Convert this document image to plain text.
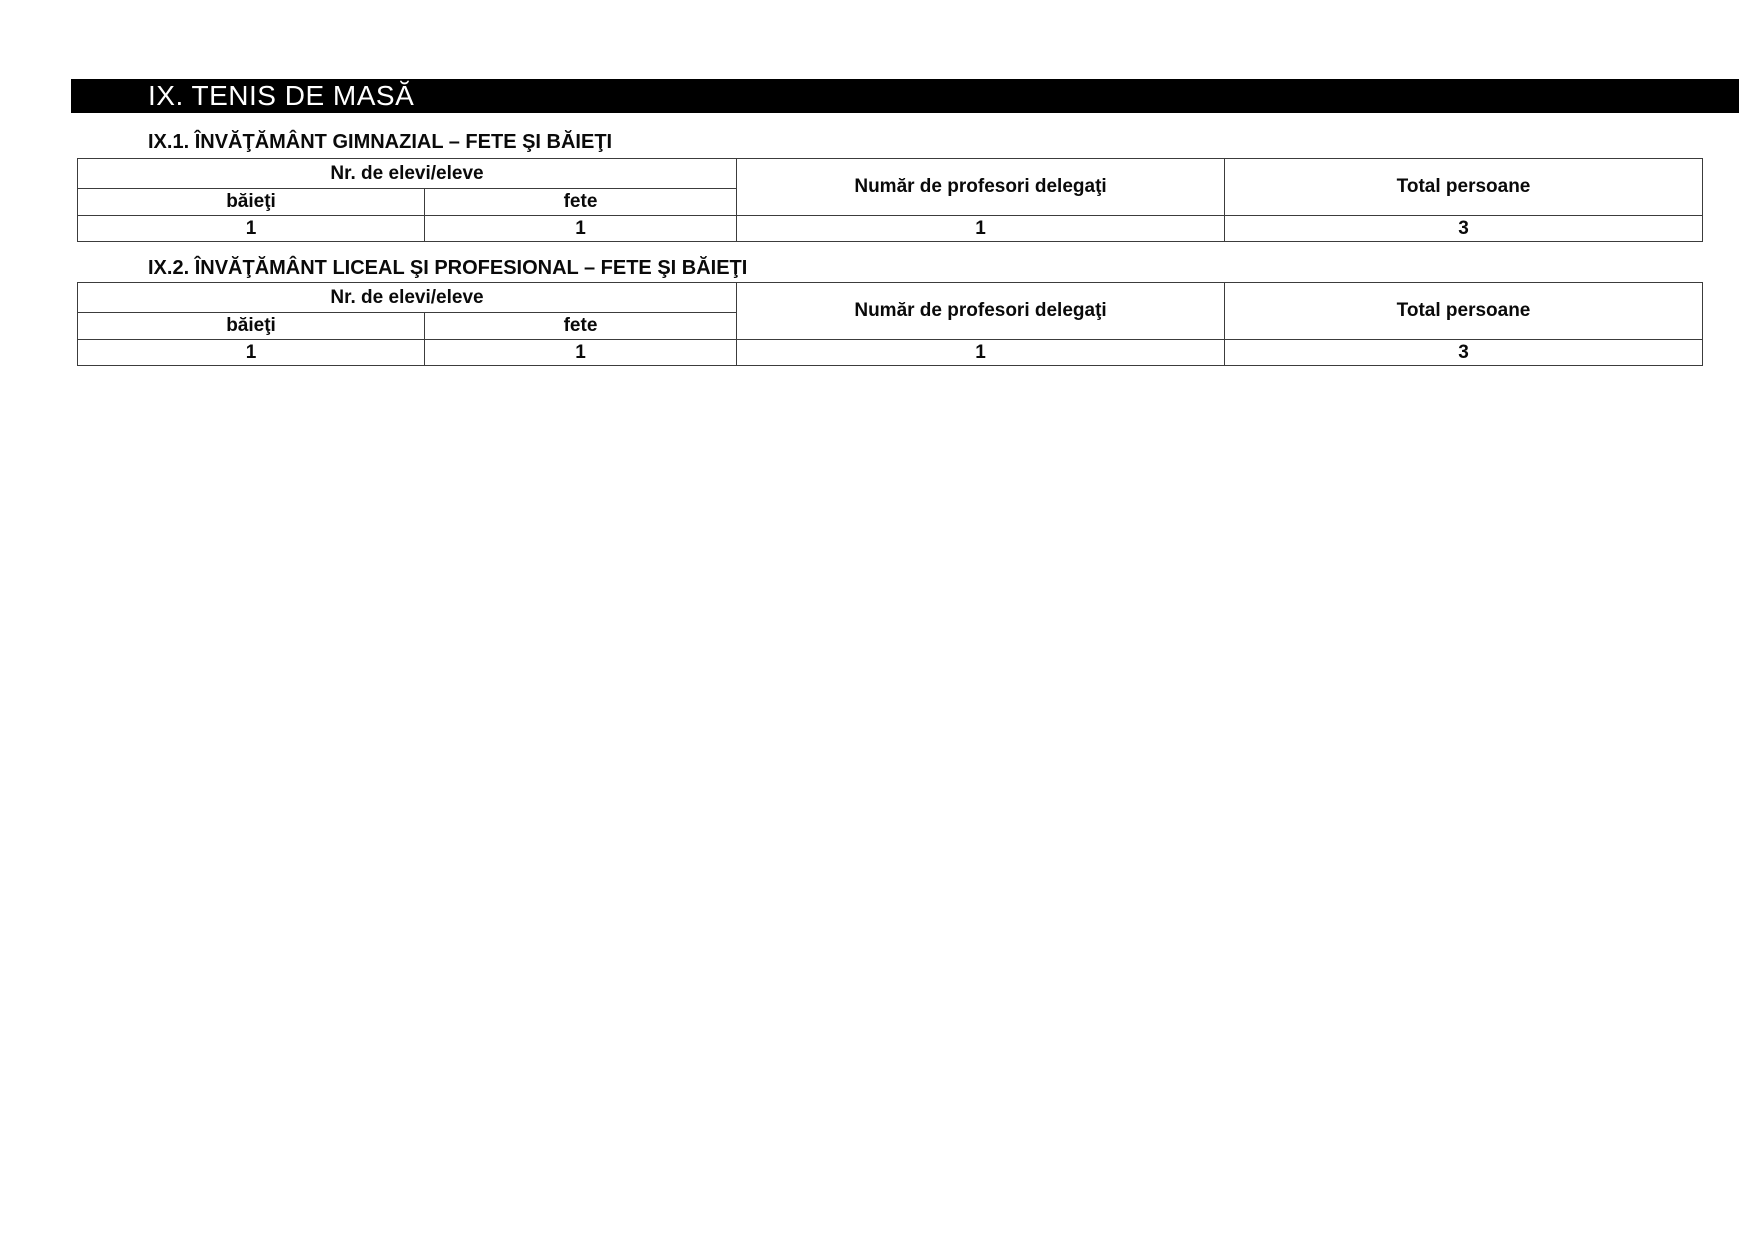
IX. TENIS DE MASĂ
IX.1. ÎNVĂŢĂMÂNT GIMNAZIAL – FETE ŞI BĂIEŢI
Nr. de elevi/eleve		Număr de profesori delegaţi	Total persoane
băieţi	fete		
1	1	1	3
IX.2. ÎNVĂŢĂMÂNT LICEAL ŞI PROFESIONAL – FETE ŞI BĂIEŢI
Nr. de elevi/eleve		Număr de profesori delegaţi	Total persoane
băieţi	fete		
1	1	1	3
